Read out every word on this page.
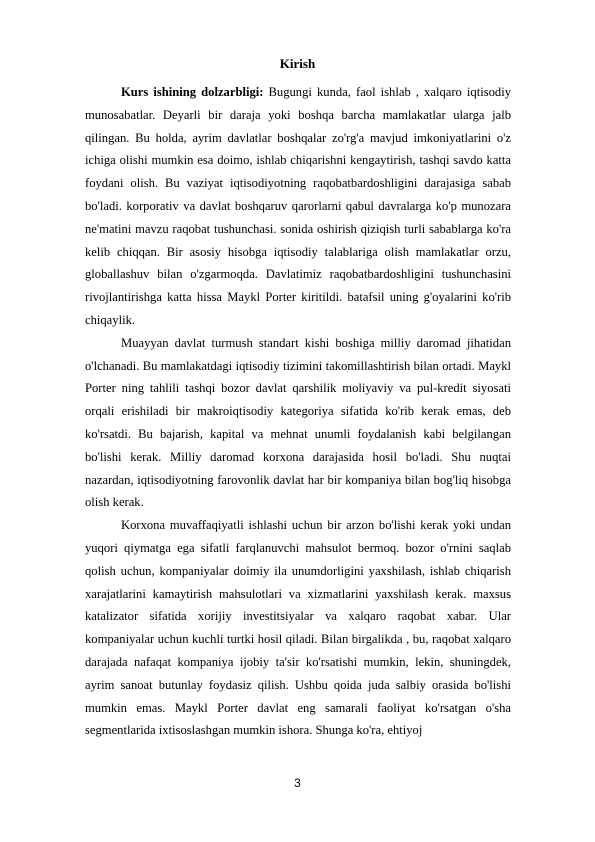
Kirish

Kurs ishining dolzarbligi: Bugungi kunda, faol ishlab , xalqaro iqtisodiy munosabatlar. Deyarli bir daraja yoki boshqa barcha mamlakatlar ularga jalb qilingan. Bu holda, ayrim davlatlar boshqalar zo'rg'a mavjud imkoniyatlarini o'z ichiga olishi mumkin esa doimo, ishlab chiqarishni kengaytirish, tashqi savdo katta foydani olish. Bu vaziyat iqtisodiyotning raqobatbardoshligini darajasiga sabab bo'ladi. korporativ va davlat boshqaruv qarorlarni qabul davralarga ko'p munozara ne'matini mavzu raqobat tushunchasi. sonida oshirish qiziqish turli sabablarga ko'ra kelib chiqqan. Bir asosiy hisobga iqtisodiy talablariga olish mamlakatlar orzu, globallashuv bilan o'zgarmoqda. Davlatimiz raqobatbardoshligini tushunchasini rivojlantirishga katta hissa Maykl Porter kiritildi. batafsil uning g'oyalarini ko'rib chiqaylik.

Muayyan davlat turmush standart kishi boshiga milliy daromad jihatidan o'lchanadi. Bu mamlakatdagi iqtisodiy tizimini takomillashtirish bilan ortadi. Maykl Porter ning tahlili tashqi bozor davlat qarshilik moliyaviy va pul-kredit siyosati orqali erishiladi bir makroiqtisodiy kategoriya sifatida ko'rib kerak emas, deb ko'rsatdi. Bu bajarish, kapital va mehnat unumli foydalanish kabi belgilangan bo'lishi kerak. Milliy daromad korxona darajasida hosil bo'ladi. Shu nuqtai nazardan, iqtisodiyotning farovonlik davlat har bir kompaniya bilan bog'liq hisobga olish kerak.

Korxona muvaffaqiyatli ishlashi uchun bir arzon bo'lishi kerak yoki undan yuqori qiymatga ega sifatli farqlanuvchi mahsulot bermoq. bozor o'rnini saqlab qolish uchun, kompaniyalar doimiy ila unumdorligini yaxshilash, ishlab chiqarish xarajatlarini kamaytirish mahsulotlari va xizmatlarini yaxshilash kerak. maxsus katalizator sifatida xorijiy investitsiyalar va xalqaro raqobat xabar. Ular kompaniyalar uchun kuchli turtki hosil qiladi. Bilan birgalikda , bu, raqobat xalqaro darajada nafaqat kompaniya ijobiy ta'sir ko'rsatishi mumkin, lekin, shuningdek, ayrim sanoat butunlay foydasiz qilish. Ushbu qoida juda salbiy orasida bo'lishi mumkin emas. Maykl Porter davlat eng samarali faoliyat ko'rsatgan o'sha segmentlarida ixtisoslashgan mumkin ishora. Shunga ko'ra, ehtiyoj

3
